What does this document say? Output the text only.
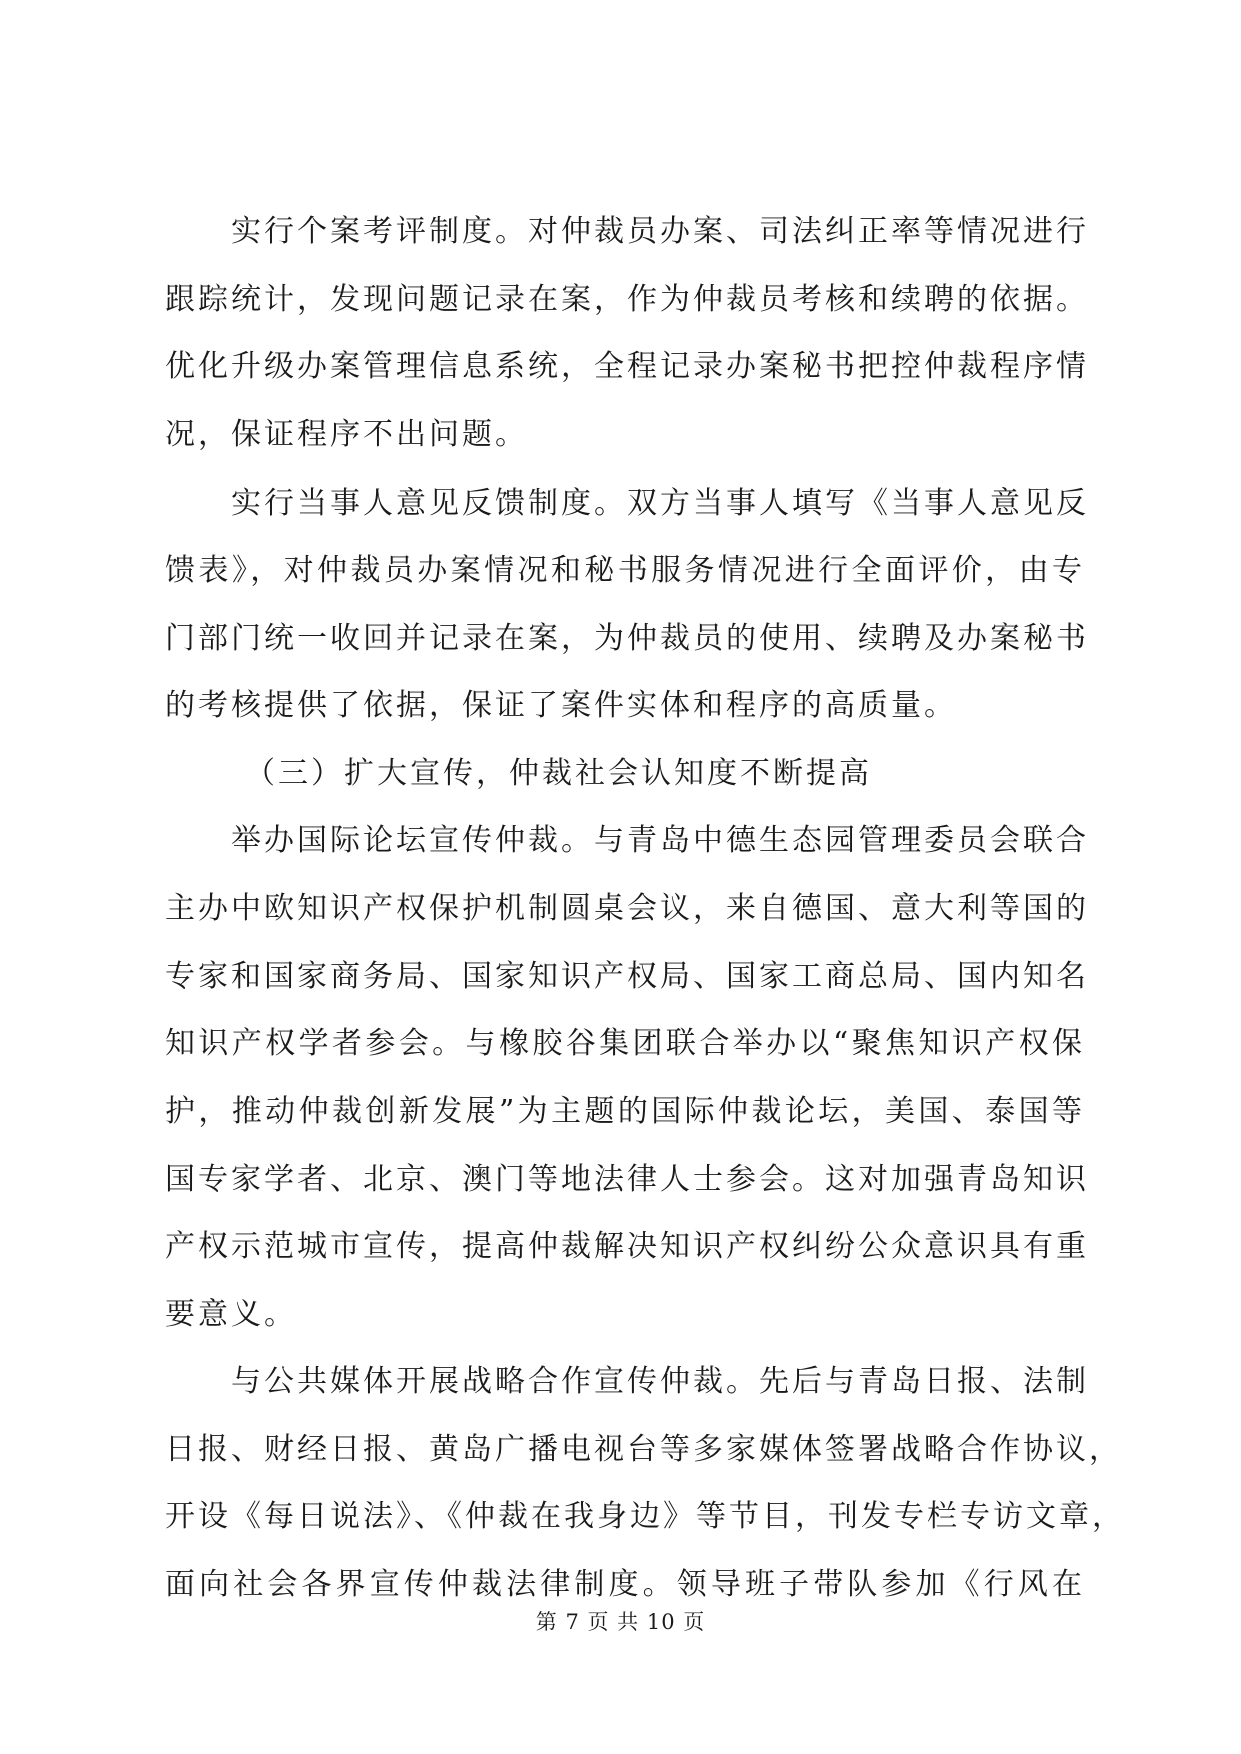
实行个案考评制度。对仲裁员办案、司法纠正率等情况进行
跟踪统计，发现问题记录在案，作为仲裁员考核和续聘的依据。
优化升级办案管理信息系统，全程记录办案秘书把控仲裁程序情
况，保证程序不出问题。
实行当事人意见反馈制度。双方当事人填写《当事人意见反
馈表》，对仲裁员办案情况和秘书服务情况进行全面评价，由专
门部门统一收回并记录在案，为仲裁员的使用、续聘及办案秘书
的考核提供了依据，保证了案件实体和程序的高质量。
（三）扩大宣传，仲裁社会认知度不断提高
举办国际论坛宣传仲裁。与青岛中德生态园管理委员会联合
主办中欧知识产权保护机制圆桌会议，来自德国、意大利等国的
专家和国家商务局、国家知识产权局、国家工商总局、国内知名
知识产权学者参会。与橡胶谷集团联合举办以“聚焦知识产权保
护，推动仲裁创新发展”为主题的国际仲裁论坛，美国、泰国等
国专家学者、北京、澳门等地法律人士参会。这对加强青岛知识
产权示范城市宣传，提高仲裁解决知识产权纠纷公众意识具有重
要意义。
与公共媒体开展战略合作宣传仲裁。先后与青岛日报、法制
日报、财经日报、黄岛广播电视台等多家媒体签署战略合作协议，
开设《每日说法》、《仲裁在我身边》等节目，刊发专栏专访文章，
面向社会各界宣传仲裁法律制度。领导班子带队参加《行风在
第 7 页 共 10 页
